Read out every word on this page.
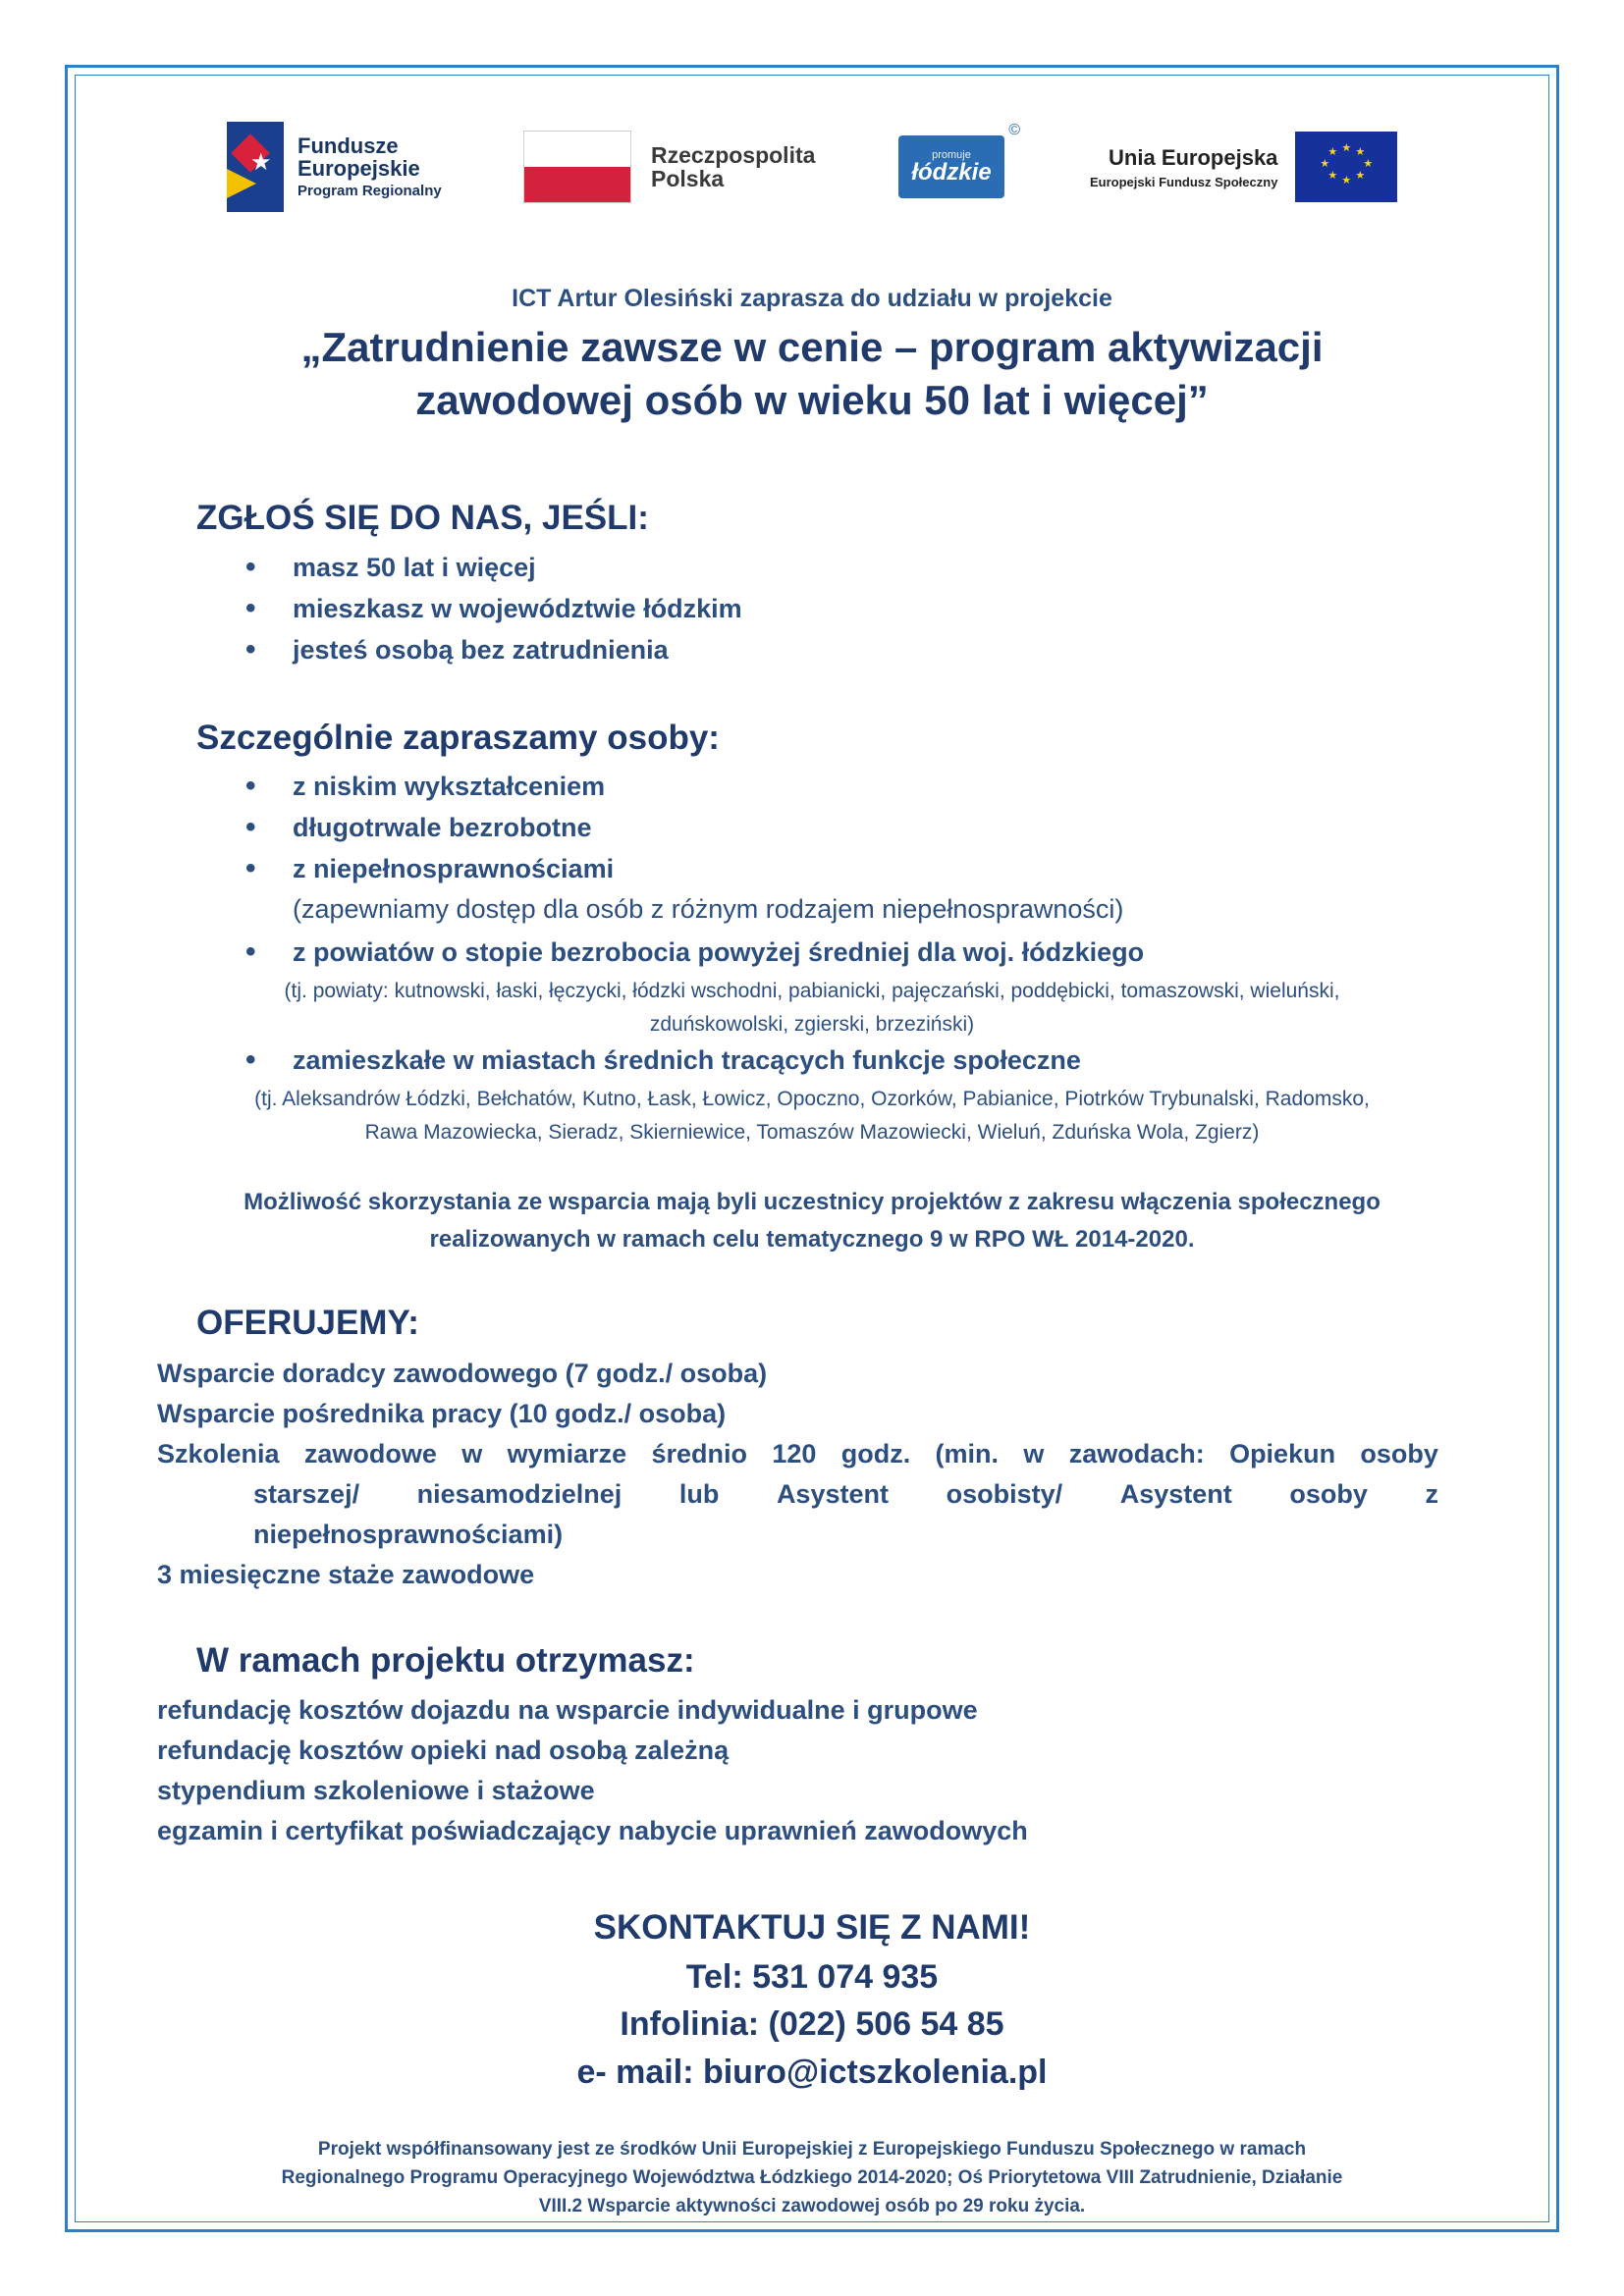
★
Fundusze
Europejskie
Program Regionalny
Rzeczpospolita
Polska
promuje
łódzkie
©
Unia Europejska
Europejski Fundusz Społeczny
★ ★
★
★
★
★
★
★
ICT Artur Olesiński zaprasza do udziału w projekcie
„Zatrudnienie zawsze w cenie – program aktywizacji
zawodowej osób w wieku 50 lat i więcej”
ZGŁOŚ SIĘ DO NAS, JEŚLI:
• masz 50 lat i więcej
• mieszkasz w województwie łódzkim
• jesteś osobą bez zatrudnienia
Szczególnie zapraszamy osoby:
• z niskim wykształceniem
• długotrwale bezrobotne
• z niepełnosprawnościami
(zapewniamy dostęp dla osób z różnym rodzajem niepełnosprawności)
• z powiatów o stopie bezrobocia powyżej średniej dla woj. łódzkiego
(tj. powiaty: kutnowski, łaski, łęczycki, łódzki wschodni, pabianicki, pajęczański, poddębicki, tomaszowski, wieluński,
zduńskowolski, zgierski, brzeziński)
• zamieszkałe w miastach średnich tracących funkcje społeczne
(tj. Aleksandrów Łódzki, Bełchatów, Kutno, Łask, Łowicz, Opoczno, Ozorków, Pabianice, Piotrków Trybunalski, Radomsko,
Rawa Mazowiecka, Sieradz, Skierniewice, Tomaszów Mazowiecki, Wieluń, Zduńska Wola, Zgierz)
Możliwość skorzystania ze wsparcia mają byli uczestnicy projektów z zakresu włączenia społecznego
realizowanych w ramach celu tematycznego 9 w RPO WŁ 2014-2020.
OFERUJEMY:
Wsparcie doradcy zawodowego (7 godz./ osoba)
Wsparcie pośrednika pracy (10 godz./ osoba)
Szkolenia zawodowe w wymiarze średnio 120 godz. (min. w zawodach: Opiekun osoby
starszej/ niesamodzielnej lub Asystent osobisty/ Asystent osoby z
niepełnosprawnościami)
3 miesięczne staże zawodowe
W ramach projektu otrzymasz:
refundację kosztów dojazdu na wsparcie indywidualne i grupowe
refundację kosztów opieki nad osobą zależną
stypendium szkoleniowe i stażowe
egzamin i certyfikat poświadczający nabycie uprawnień zawodowych
SKONTAKTUJ SIĘ Z NAMI!
Tel: 531 074 935
Infolinia: (022) 506 54 85
e- mail: biuro@ictszkolenia.pl
Projekt współfinansowany jest ze środków Unii Europejskiej z Europejskiego Funduszu Społecznego w ramach
Regionalnego Programu Operacyjnego Województwa Łódzkiego 2014-2020; Oś Priorytetowa VIII Zatrudnienie, Działanie
VIII.2 Wsparcie aktywności zawodowej osób po 29 roku życia.
